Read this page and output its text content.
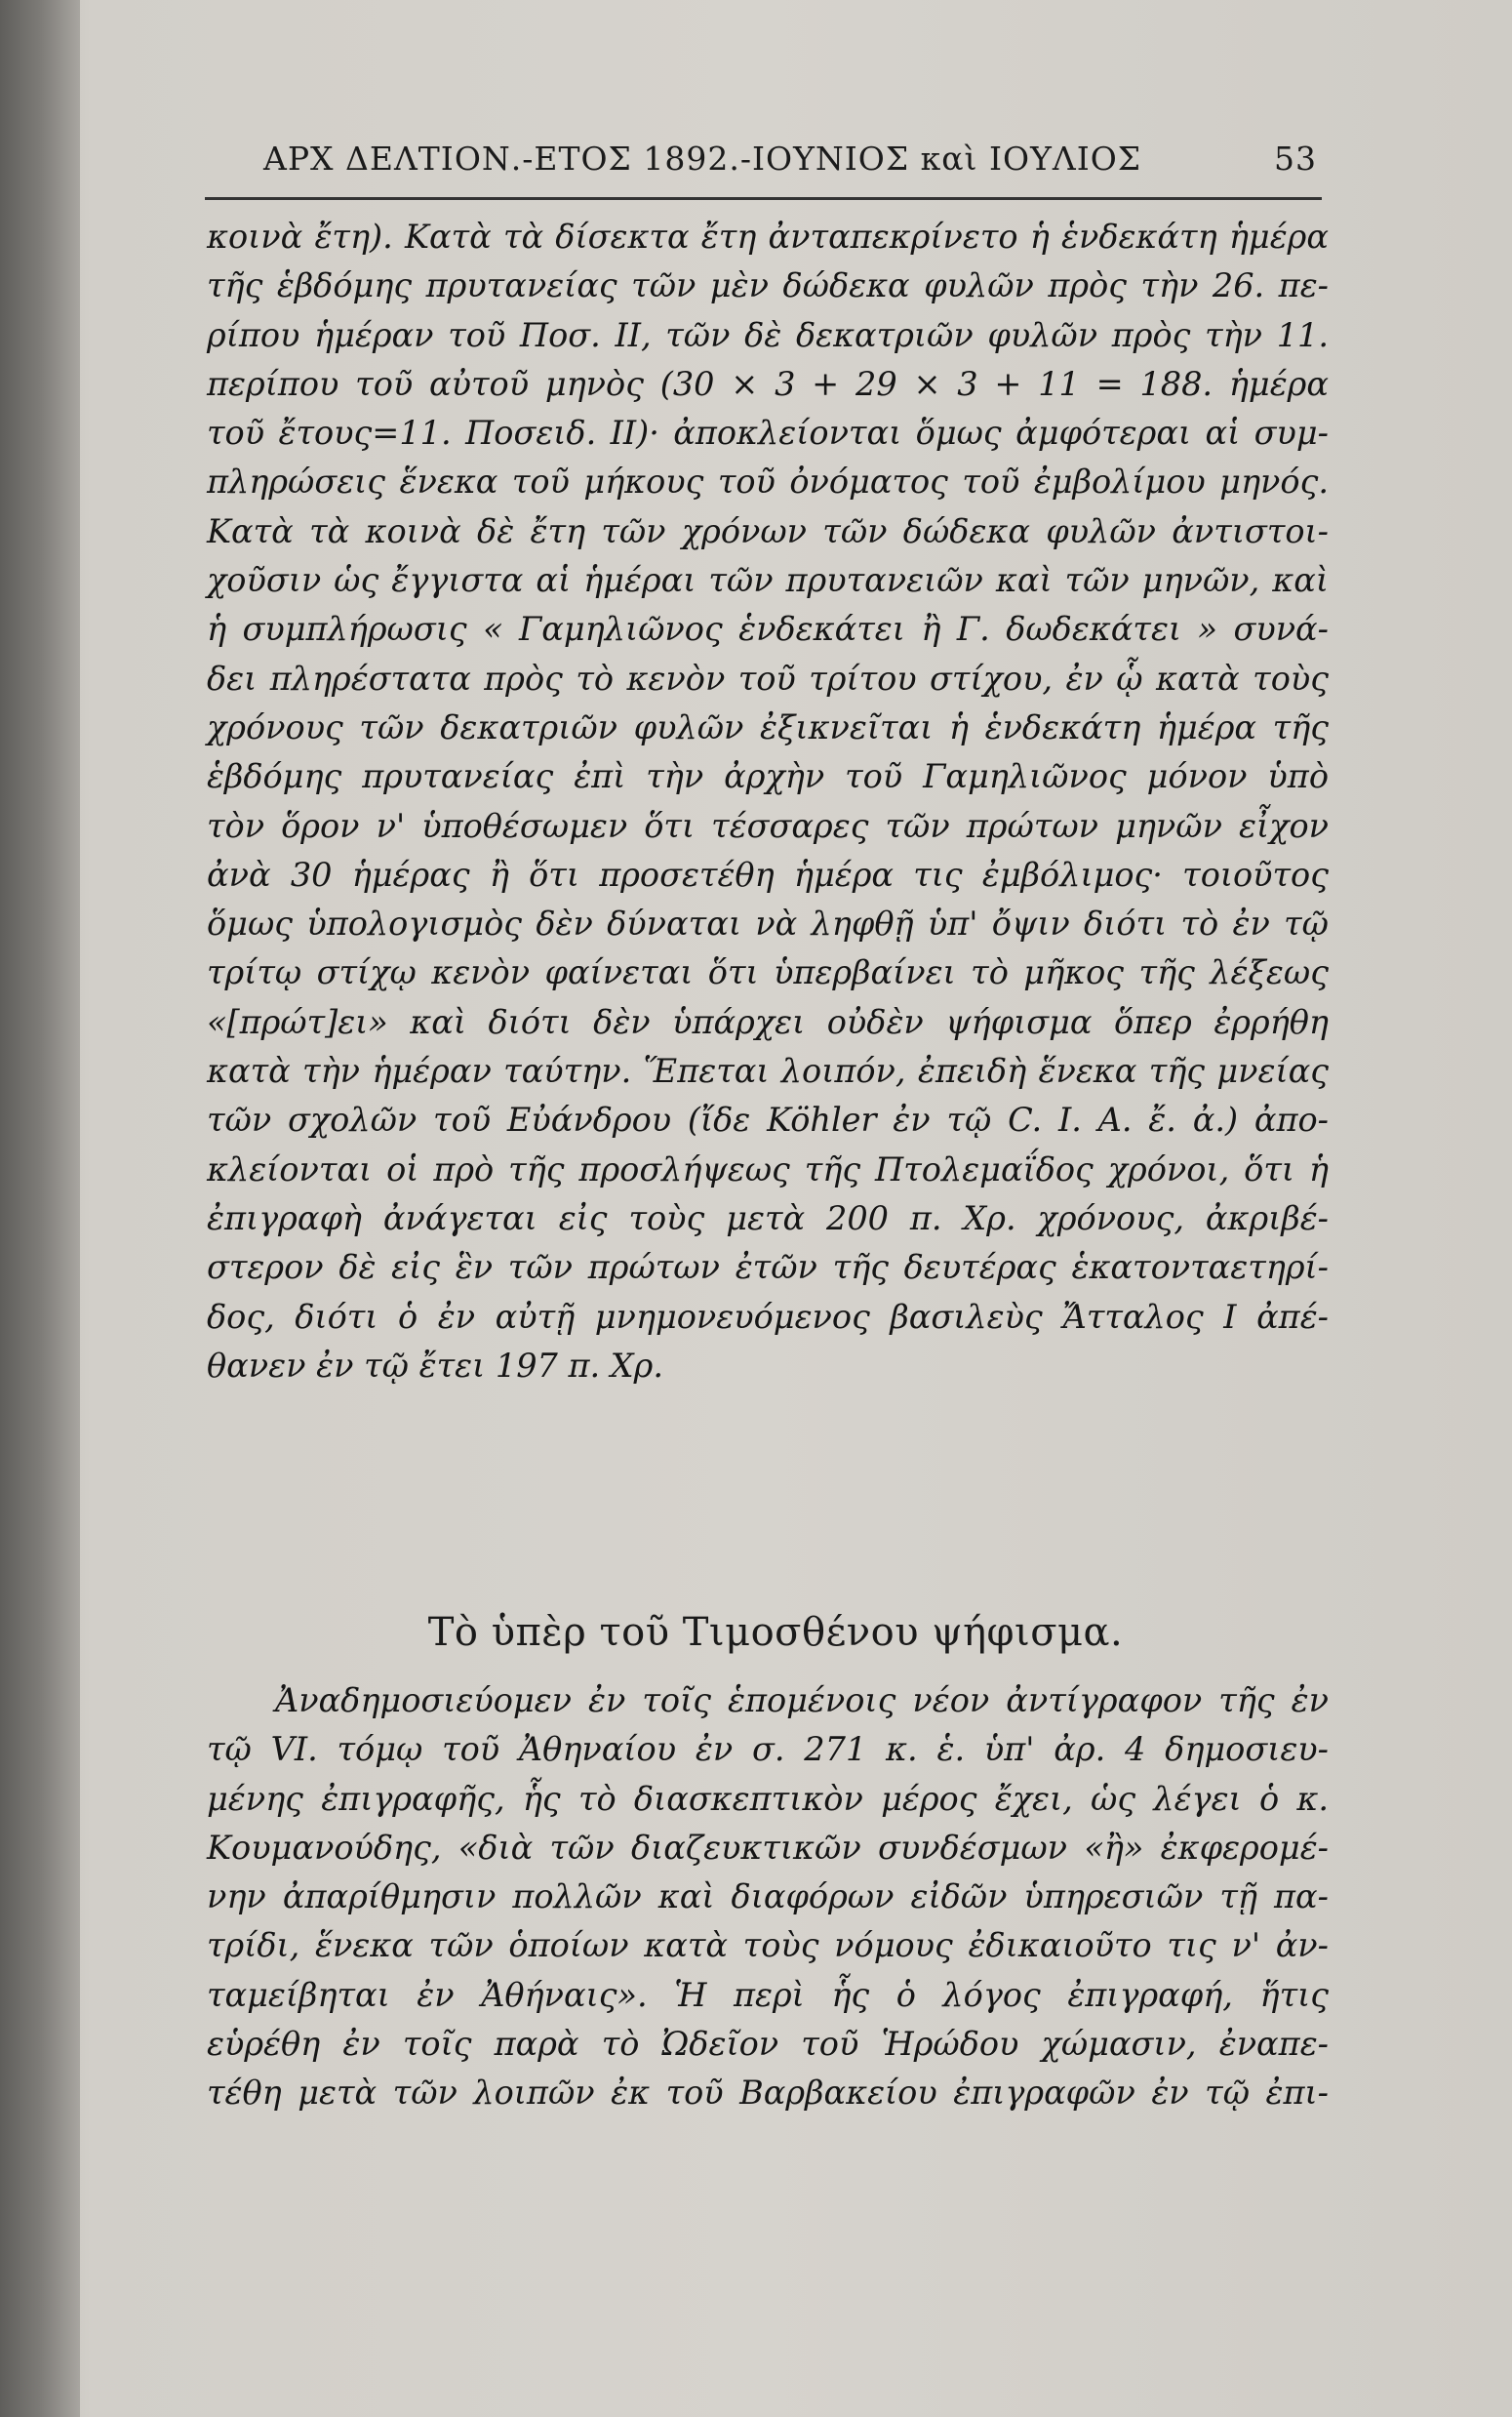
ΑΡΧ ΔΕΛΤΙΟΝ.-ΕΤΟΣ 1892.-ΙΟΥΝΙΟΣ καὶ ΙΟΥΛΙΟΣ	53
κοινὰ ἔτη). Κατὰ τὰ δίσεκτα ἔτη ἀνταπεκρίνετο ἡ ἑνδεκάτη ἡμέρα
τῆς ἑβδόμης πρυτανείας τῶν μὲν δώδεκα φυλῶν πρὸς τὴν 26. πε-
ρίπου ἡμέραν τοῦ Ποσ. II, τῶν δὲ δεκατριῶν φυλῶν πρὸς τὴν 11.
περίπου τοῦ αὐτοῦ μηνὸς (30 × 3 + 29 × 3 + 11 = 188. ἡμέρα
τοῦ ἔτους=11. Ποσειδ. II)· ἀποκλείονται ὅμως ἀμφότεραι αἱ συμ-
πληρώσεις ἕνεκα τοῦ μήκους τοῦ ὀνόματος τοῦ ἐμβολίμου μηνός.
Κατὰ τὰ κοινὰ δὲ ἔτη τῶν χρόνων τῶν δώδεκα φυλῶν ἀντιστοι-
χοῦσιν ὡς ἔγγιστα αἱ ἡμέραι τῶν πρυτανειῶν καὶ τῶν μηνῶν, καὶ
ἡ συμπλήρωσις « Γαμηλιῶνος ἑνδεκάτει ἢ Γ. δωδεκάτει » συνά-
δει πληρέστατα πρὸς τὸ κενὸν τοῦ τρίτου στίχου, ἐν ᾧ κατὰ τοὺς
χρόνους τῶν δεκατριῶν φυλῶν ἐξικνεῖται ἡ ἑνδεκάτη ἡμέρα τῆς
ἑβδόμης πρυτανείας ἐπὶ τὴν ἀρχὴν τοῦ Γαμηλιῶνος μόνον ὑπὸ
τὸν ὅρον ν' ὑποθέσωμεν ὅτι τέσσαρες τῶν πρώτων μηνῶν εἶχον
ἀνὰ 30 ἡμέρας ἢ ὅτι προσετέθη ἡμέρα τις ἐμβόλιμος· τοιοῦτος
ὅμως ὑπολογισμὸς δὲν δύναται νὰ ληφθῇ ὑπ' ὄψιν διότι τὸ ἐν τῷ
τρίτῳ στίχῳ κενὸν φαίνεται ὅτι ὑπερβαίνει τὸ μῆκος τῆς λέξεως
«[πρώτ]ει» καὶ διότι δὲν ὑπάρχει οὐδὲν ψήφισμα ὅπερ ἐρρήθη
κατὰ τὴν ἡμέραν ταύτην. Ἕπεται λοιπόν, ἐπειδὴ ἕνεκα τῆς μνείας
τῶν σχολῶν τοῦ Εὐάνδρου (ἴδε Köhler ἐν τῷ C. I. A. ἔ. ἀ.) ἀπο-
κλείονται οἱ πρὸ τῆς προσλήψεως τῆς Πτολεμαΐδος χρόνοι, ὅτι ἡ
ἐπιγραφὴ ἀνάγεται εἰς τοὺς μετὰ 200 π. Χρ. χρόνους, ἀκριβέ-
στερον δὲ εἰς ἓν τῶν πρώτων ἐτῶν τῆς δευτέρας ἑκατονταετηρί-
δος, διότι ὁ ἐν αὐτῇ μνημονευόμενος βασιλεὺς Ἄτταλος Ι ἀπέ-
θανεν ἐν τῷ ἔτει 197 π. Χρ.
Τὸ ὑπὲρ τοῦ Τιμοσθένου ψήφισμα.
Ἀναδημοσιεύομεν ἐν τοῖς ἑπομένοις νέον ἀντίγραφον τῆς ἐν
τῷ VI. τόμῳ τοῦ Ἀθηναίου ἐν σ. 271 κ. ἑ. ὑπ' ἀρ. 4 δημοσιευ-
μένης ἐπιγραφῆς, ἧς τὸ διασκεπτικὸν μέρος ἔχει, ὡς λέγει ὁ κ.
Κουμανούδης, «διὰ τῶν διαζευκτικῶν συνδέσμων «ἢ» ἐκφερομέ-
νην ἀπαρίθμησιν πολλῶν καὶ διαφόρων εἰδῶν ὑπηρεσιῶν τῇ πα-
τρίδι, ἕνεκα τῶν ὁποίων κατὰ τοὺς νόμους ἐδικαιοῦτο τις ν' ἀν-
ταμείβηται ἐν Ἀθήναις». Ἡ περὶ ἧς ὁ λόγος ἐπιγραφή, ἥτις
εὑρέθη ἐν τοῖς παρὰ τὸ Ὠδεῖον τοῦ Ἡρώδου χώμασιν, ἐναπε-
τέθη μετὰ τῶν λοιπῶν ἐκ τοῦ Βαρβακείου ἐπιγραφῶν ἐν τῷ ἐπι-
